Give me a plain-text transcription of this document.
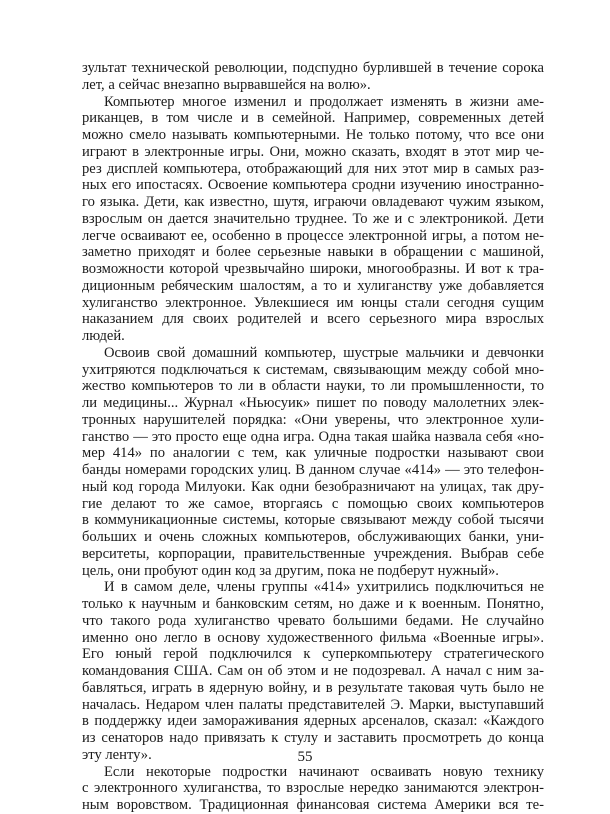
зультат технической революции, подспудно бурлившей в течение сорока
лет, а сейчас внезапно вырвавшейся на волю».

Компьютер многое изменил и продолжает изменять в жизни аме-
риканцев, в том числе и в семейной. Например, современных детей
можно смело называть компьютерными. Не только потому, что все они
играют в электронные игры. Они, можно сказать, входят в этот мир че-
рез дисплей компьютера, отображающий для них этот мир в самых раз-
ных его ипостасях. Освоение компьютера сродни изучению иностранно-
го языка. Дети, как известно, шутя, играючи овладевают чужим языком,
взрослым он дается значительно труднее. То же и с электроникой. Дети
легче осваивают ее, особенно в процессе электронной игры, а потом не-
заметно приходят и более серьезные навыки в обращении с машиной,
возможности которой чрезвычайно широки, многообразны. И вот к тра-
диционным ребяческим шалостям, а то и хулиганству уже добавляется
хулиганство электронное. Увлекшиеся им юнцы стали сегодня сущим
наказанием для своих родителей и всего серьезного мира взрослых
людей.

Освоив свой домашний компьютер, шустрые мальчики и девчонки
ухитряются подключаться к системам, связывающим между собой мно-
жество компьютеров то ли в области науки, то ли промышленности, то
ли медицины... Журнал «Ньюсуик» пишет по поводу малолетних элек-
тронных нарушителей порядка: «Они уверены, что электронное хули-
ганство — это просто еще одна игра. Одна такая шайка назвала себя «но-
мер 414» по аналогии с тем, как уличные подростки называют свои
банды номерами городских улиц. В данном случае «414» — это телефон-
ный код города Милуоки. Как одни безобразничают на улицах, так дру-
гие делают то же самое, вторгаясь с помощью своих компьютеров
в коммуникационные системы, которые связывают между собой тысячи
больших и очень сложных компьютеров, обслуживающих банки, уни-
верситеты, корпорации, правительственные учреждения. Выбрав себе
цель, они пробуют один код за другим, пока не подберут нужный».

И в самом деле, члены группы «414» ухитрились подключиться не
только к научным и банковским сетям, но даже и к военным. Понятно,
что такого рода хулиганство чревато большими бедами. Не случайно
именно оно легло в основу художественного фильма «Военные игры».
Его юный герой подключился к суперкомпьютеру стратегического
командования США. Сам он об этом и не подозревал. А начал с ним за-
бавляться, играть в ядерную войну, и в результате таковая чуть было не
началась. Недаром член палаты представителей Э. Марки, выступавший
в поддержку идеи замораживания ядерных арсеналов, сказал: «Каждого
из сенаторов надо привязать к стулу и заставить просмотреть до конца
эту ленту».

Если некоторые подростки начинают осваивать новую технику
с электронного хулиганства, то взрослые нередко занимаются электрон-
ным воровством. Традиционная финансовая система Америки вся те-

55
